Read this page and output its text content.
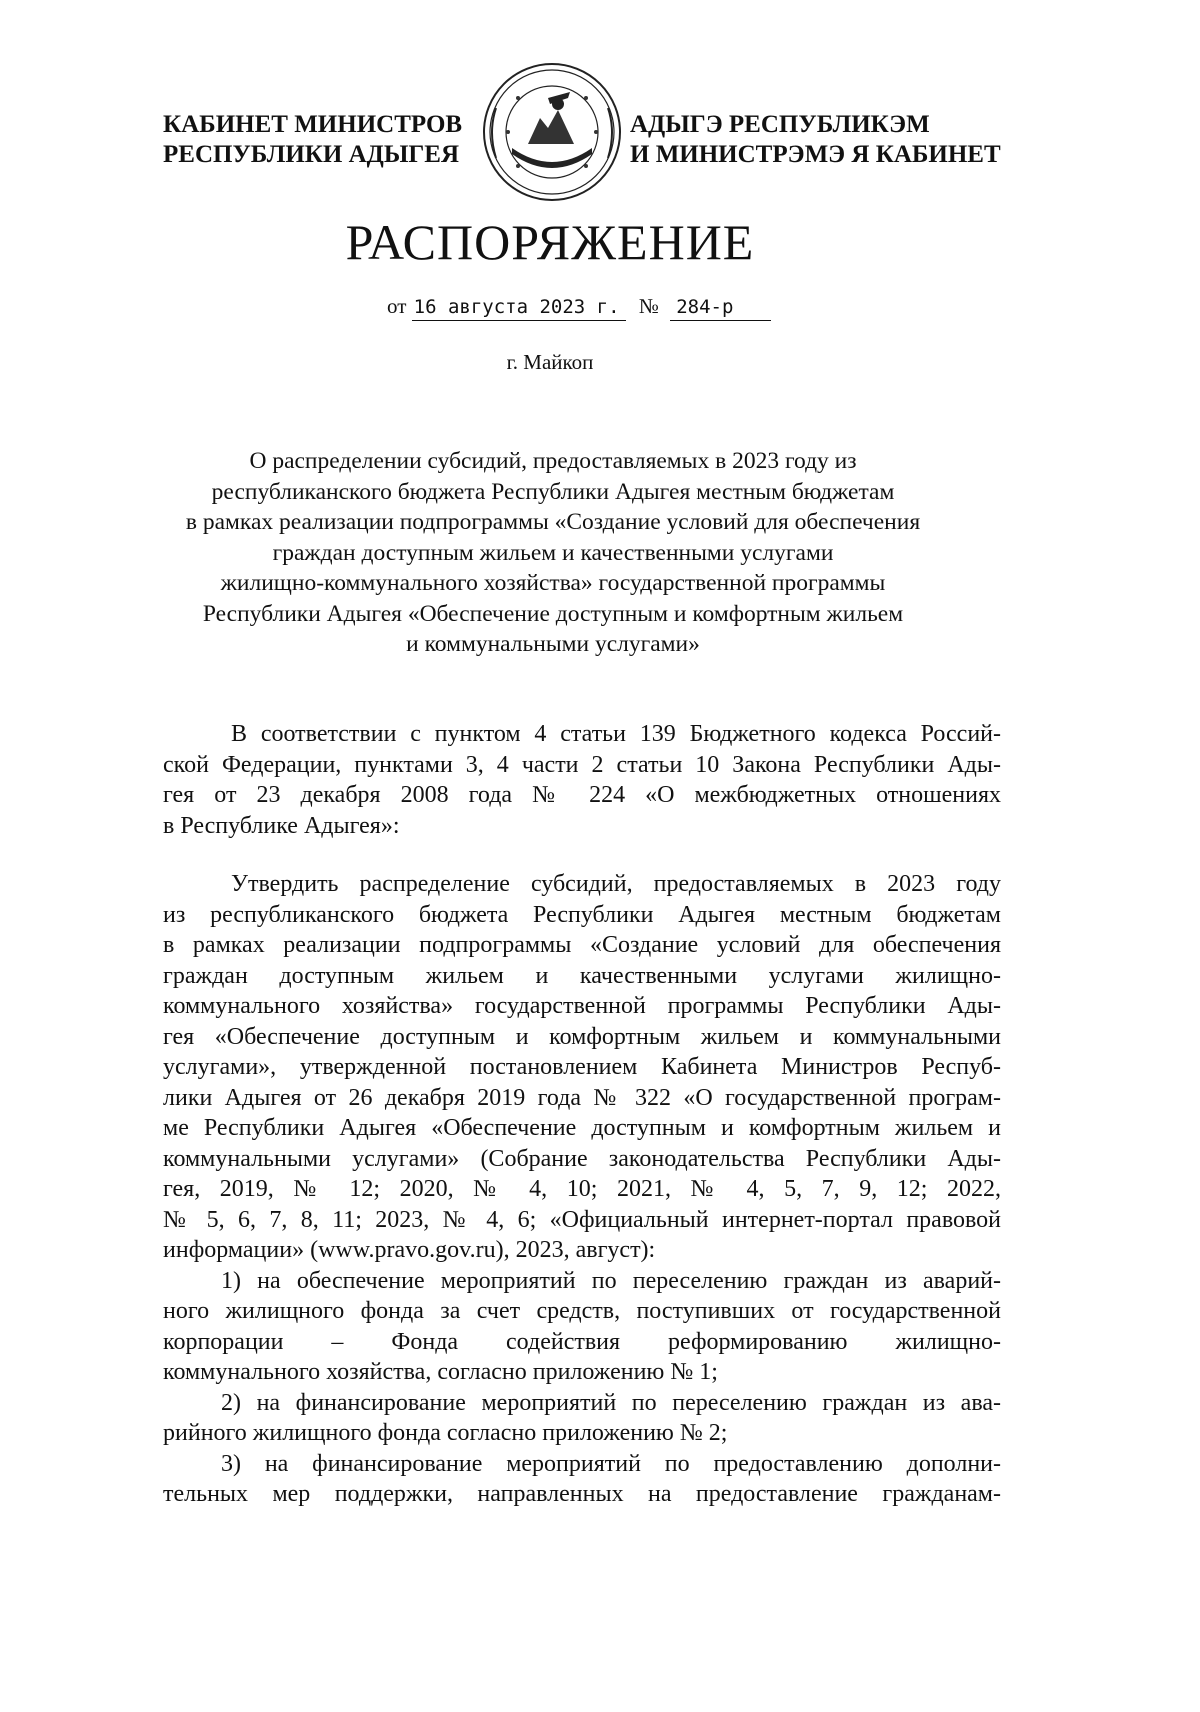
КАБИНЕТ МИНИСТРОВ
РЕСПУБЛИКИ АДЫГЕЯ
АДЫГЭ РЕСПУБЛИКЭМ
И МИНИСТРЭМЭ Я КАБИНЕТ
РАСПОРЯЖЕНИЕ
от 16 августа 2023 г. № 284-р
г. Майкоп
О распределении субсидий, предоставляемых в 2023 году из
республиканского бюджета Республики Адыгея местным бюджетам
в рамках реализации подпрограммы «Создание условий для обеспечения
граждан доступным жильем и качественными услугами
жилищно-коммунального хозяйства» государственной программы
Республики Адыгея «Обеспечение доступным и комфортным жильем
и коммунальными услугами»
В соответствии с пунктом 4 статьи 139 Бюджетного кодекса Россий-
ской Федерации, пунктами 3, 4 части 2 статьи 10 Закона Республики Ады-
гея от 23 декабря 2008 года № 224 «О межбюджетных отношениях
в Республике Адыгея»:
Утвердить распределение субсидий, предоставляемых в 2023 году
из республиканского бюджета Республики Адыгея местным бюджетам
в рамках реализации подпрограммы «Создание условий для обеспечения
граждан доступным жильем и качественными услугами жилищно-
коммунального хозяйства» государственной программы Республики Ады-
гея «Обеспечение доступным и комфортным жильем и коммунальными
услугами», утвержденной постановлением Кабинета Министров Респуб-
лики Адыгея от 26 декабря 2019 года № 322 «О государственной програм-
ме Республики Адыгея «Обеспечение доступным и комфортным жильем и
коммунальными услугами» (Собрание законодательства Республики Ады-
гея, 2019, № 12; 2020, № 4, 10; 2021, № 4, 5, 7, 9, 12; 2022,
№ 5, 6, 7, 8, 11; 2023, № 4, 6; «Официальный интернет-портал правовой
информации» (www.pravo.gov.ru), 2023, август):
1) на обеспечение мероприятий по переселению граждан из аварий-
ного жилищного фонда за счет средств, поступивших от государственной
корпорации – Фонда содействия реформированию жилищно-
коммунального хозяйства, согласно приложению № 1;
2) на финансирование мероприятий по переселению граждан из ава-
рийного жилищного фонда согласно приложению № 2;
3) на финансирование мероприятий по предоставлению дополни-
тельных мер поддержки, направленных на предоставление гражданам-
